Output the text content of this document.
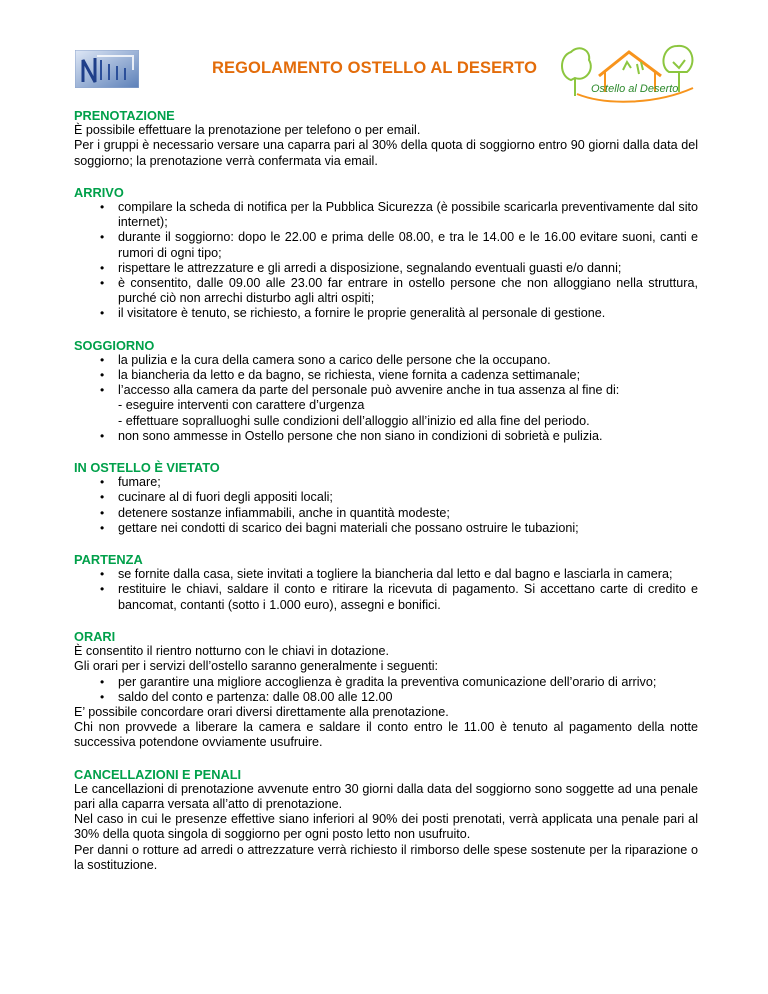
REGOLAMENTO OSTELLO AL DESERTO
Ostello al Deserto
PRENOTAZIONE

È possibile effettuare la prenotazione per telefono o per email.

Per i gruppi è necessario versare una caparra pari al 30% della quota di soggiorno entro 90 giorni dalla data del soggiorno; la prenotazione verrà confermata via email.

ARRIVO
• compilare la scheda di notifica per la Pubblica Sicurezza (è possibile scaricarla preventivamente dal sito internet);
• durante il soggiorno: dopo le 22.00 e prima delle 08.00, e tra le 14.00 e le 16.00 evitare suoni, canti e rumori di ogni tipo;
• rispettare le attrezzature e gli arredi a disposizione, segnalando eventuali guasti e/o danni;
• è consentito, dalle 09.00 alle 23.00 far entrare in ostello persone che non alloggiano nella struttura, purché ciò non arrechi disturbo agli altri ospiti;
• il visitatore è tenuto, se richiesto, a fornire le proprie generalità al personale di gestione.
SOGGIORNO
• la pulizia e la cura della camera sono a carico delle persone che la occupano.
• la biancheria da letto e da bagno, se richiesta, viene fornita a cadenza settimanale;
• l’accesso alla camera da parte del personale può avvenire anche in tua assenza al fine di:
- eseguire interventi con carattere d’urgenza
- effettuare sopralluoghi sulle condizioni dell’alloggio all’inizio ed alla fine del periodo.
• non sono ammesse in Ostello persone che non siano in condizioni di sobrietà e pulizia.
IN OSTELLO È VIETATO
• fumare;
• cucinare al di fuori degli appositi locali;
• detenere sostanze infiammabili, anche in quantità modeste;
• gettare nei condotti di scarico dei bagni materiali che possano ostruire le tubazioni;
PARTENZA
• se fornite dalla casa, siete invitati a togliere la biancheria dal letto e dal bagno e lasciarla in camera;
• restituire le chiavi, saldare il conto e ritirare la ricevuta di pagamento. Si accettano carte di credito e bancomat, contanti (sotto i 1.000 euro), assegni e bonifici.
ORARI

È consentito il rientro notturno con le chiavi in dotazione.

Gli orari per i servizi dell’ostello saranno generalmente i seguenti:

• per garantire una migliore accoglienza è gradita la preventiva comunicazione dell’orario di arrivo;
• saldo del conto e partenza: dalle 08.00 alle 12.00

E’ possibile concordare orari diversi direttamente alla prenotazione.

Chi non provvede a liberare la camera e saldare il conto entro le 11.00 è tenuto al pagamento della notte successiva potendone ovviamente usufruire.

CANCELLAZIONI E PENALI

Le cancellazioni di prenotazione avvenute entro 30 giorni dalla data del soggiorno sono soggette ad una penale pari alla caparra versata all’atto di prenotazione.

Nel caso in cui le presenze effettive siano inferiori al 90% dei posti prenotati, verrà applicata una penale pari al 30% della quota singola di soggiorno per ogni posto letto non usufruito.

Per danni o rotture ad arredi o attrezzature verrà richiesto il rimborso delle spese sostenute per la riparazione o la sostituzione.
